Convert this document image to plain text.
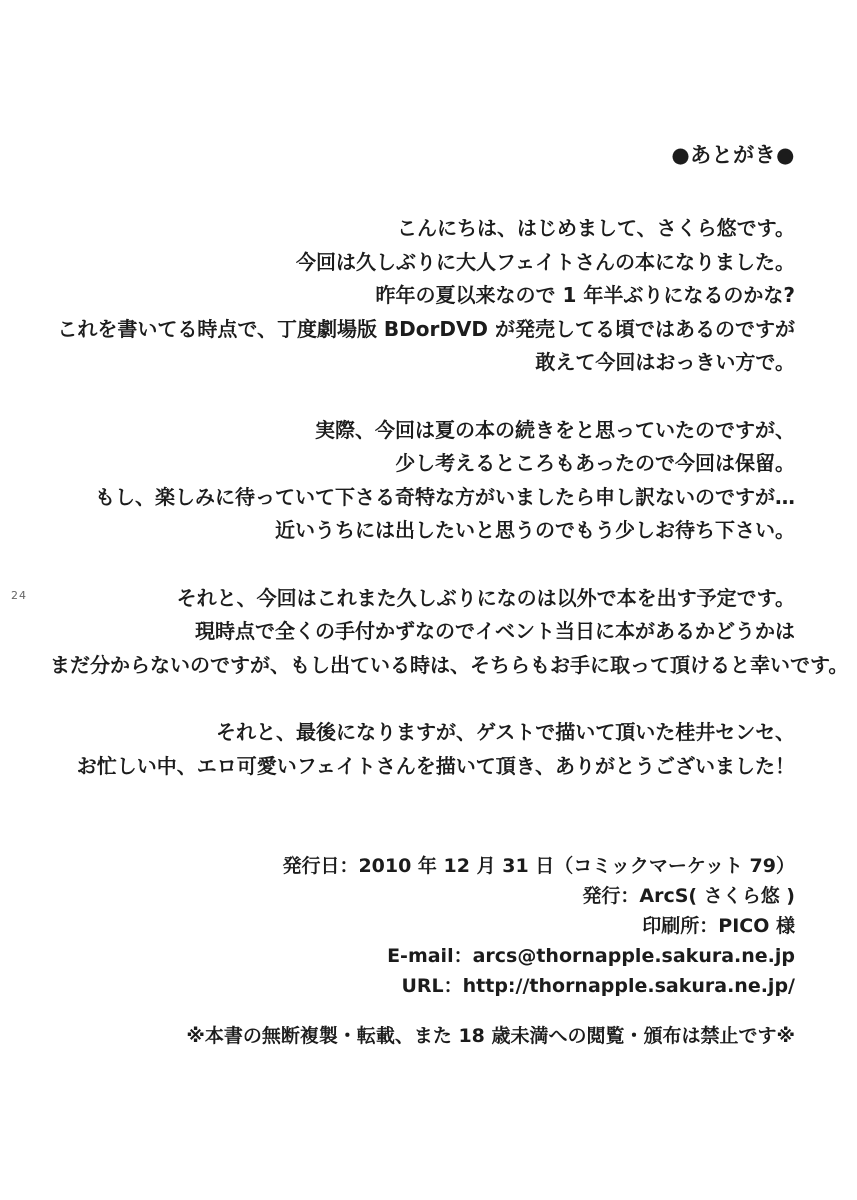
24
●あとがき●
こんにちは、はじめまして、さくら悠です。
今回は久しぶりに大人フェイトさんの本になりました。
昨年の夏以来なので 1 年半ぶりになるのかな?
これを書いてる時点で、丁度劇場版 BDorDVD が発売してる頃ではあるのですが
敢えて今回はおっきい方で。
実際、今回は夏の本の続きをと思っていたのですが、
少し考えるところもあったので今回は保留。
もし、楽しみに待っていて下さる奇特な方がいましたら申し訳ないのですが…
近いうちには出したいと思うのでもう少しお待ち下さい。
それと、今回はこれまた久しぶりになのは以外で本を出す予定です。
現時点で全くの手付かずなのでイベント当日に本があるかどうかは
まだ分からないのですが、もし出ている時は、そちらもお手に取って頂けると幸いです。
それと、最後になりますが、ゲストで描いて頂いた桂井センセ、
お忙しい中、エロ可愛いフェイトさんを描いて頂き、ありがとうございました！
発行日：2010 年 12 月 31 日（コミックマーケット 79）
発行：ArcS( さくら悠 )
印刷所：PICO 様
E-mail：arcs@thornapple.sakura.ne.jp
URL：http://thornapple.sakura.ne.jp/
※本書の無断複製・転載、また 18 歳未満への閲覧・頒布は禁止です※
